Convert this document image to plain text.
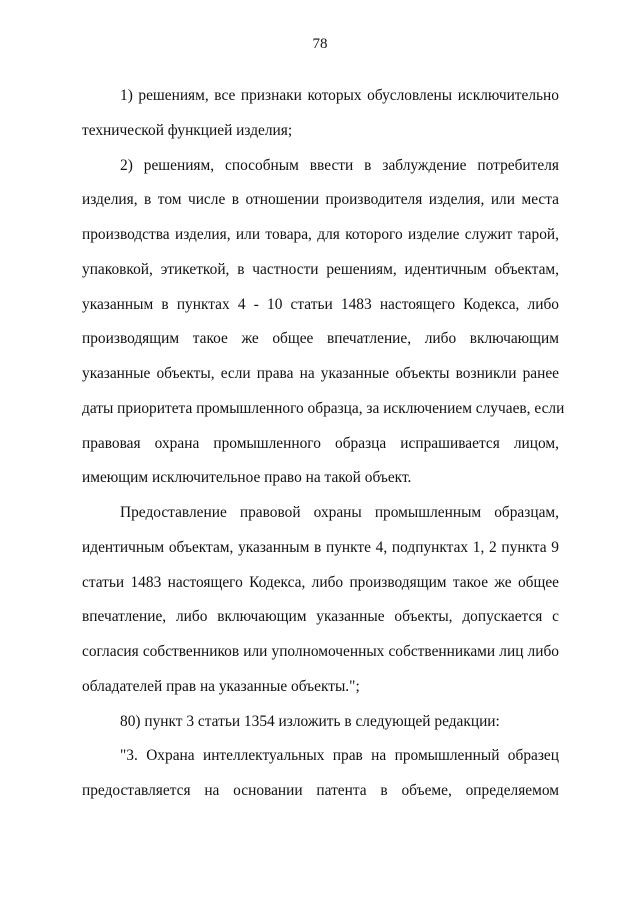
78
1) решениям, все признаки которых обусловлены исключительно
технической функцией изделия;
2) решениям, способным ввести в заблуждение потребителя
изделия, в том числе в отношении производителя изделия, или места
производства изделия, или товара, для которого изделие служит тарой,
упаковкой, этикеткой, в частности решениям, идентичным объектам,
указанным в пунктах 4 - 10 статьи 1483 настоящего Кодекса, либо
производящим такое же общее впечатление, либо включающим
указанные объекты, если права на указанные объекты возникли ранее
даты приоритета промышленного образца, за исключением случаев, если
правовая охрана промышленного образца испрашивается лицом,
имеющим исключительное право на такой объект.
Предоставление правовой охраны промышленным образцам,
идентичным объектам, указанным в пункте 4, подпунктах 1, 2 пункта 9
статьи 1483 настоящего Кодекса, либо производящим такое же общее
впечатление, либо включающим указанные объекты, допускается с
согласия собственников или уполномоченных собственниками лиц либо
обладателей прав на указанные объекты.";
80) пункт 3 статьи 1354 изложить в следующей редакции:
"3. Охрана интеллектуальных прав на промышленный образец
предоставляется на основании патента в объеме, определяемом
